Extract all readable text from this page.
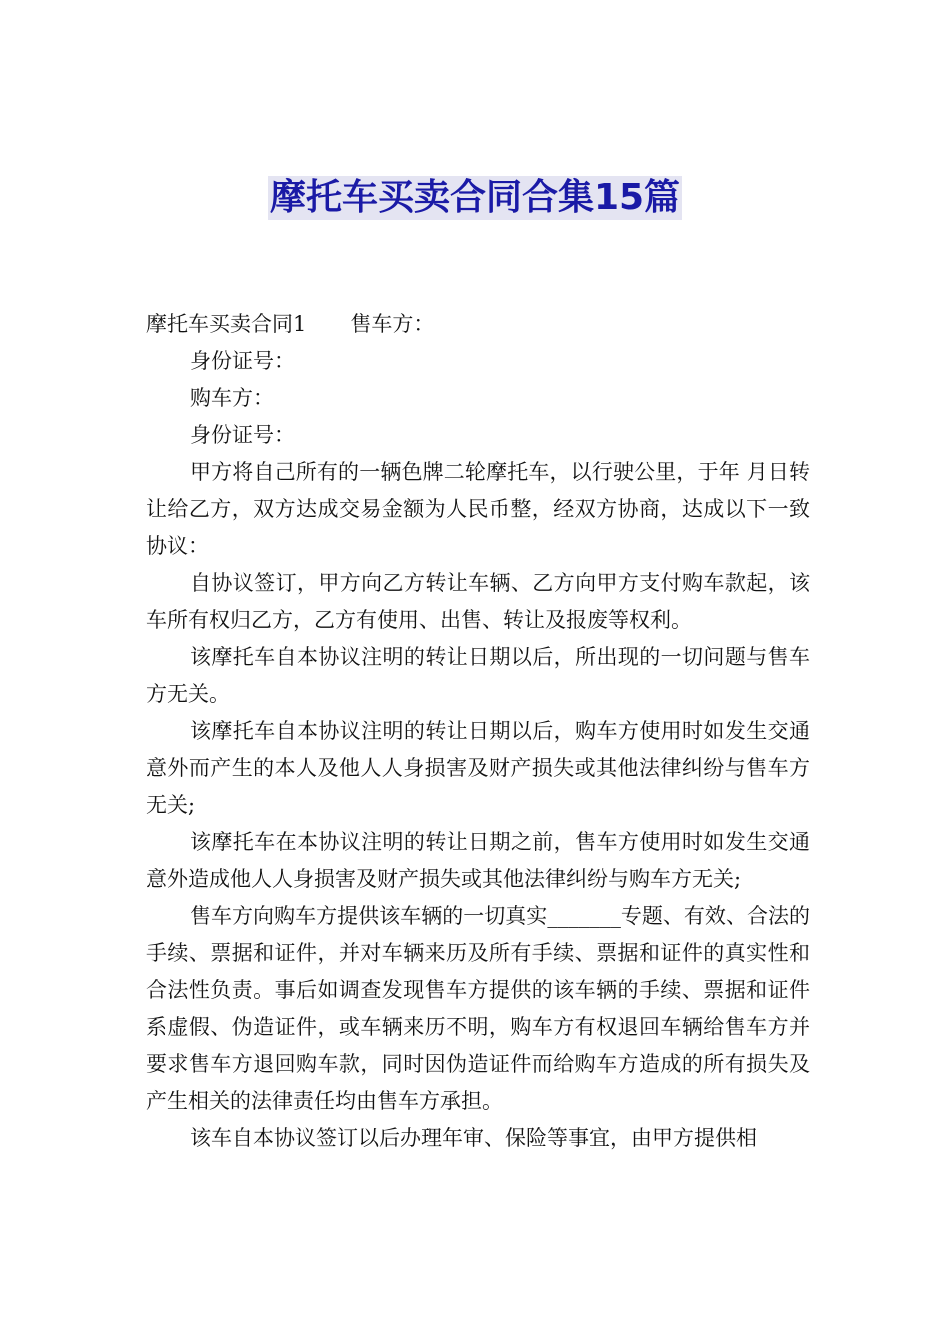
摩托车买卖合同合集15篇

摩托车买卖合同1 售车方：

身份证号：

购车方：

身份证号：

甲方将自己所有的一辆色牌二轮摩托车，以行驶公里，于年 月日转让给乙方，双方达成交易金额为人民币整，经双方协商，达成以下一致协议：

自协议签订，甲方向乙方转让车辆、乙方向甲方支付购车款起，该车所有权归乙方，乙方有使用、出售、转让及报废等权利。

该摩托车自本协议注明的转让日期以后，所出现的一切问题与售车方无关。

该摩托车自本协议注明的转让日期以后，购车方使用时如发生交通意外而产生的本人及他人人身损害及财产损失或其他法律纠纷与售车方无关;

该摩托车在本协议注明的转让日期之前，售车方使用时如发生交通意外造成他人人身损害及财产损失或其他法律纠纷与购车方无关;

售车方向购车方提供该车辆的一切真实_______专题、有效、合法的手续、票据和证件，并对车辆来历及所有手续、票据和证件的真实性和合法性负责。事后如调查发现售车方提供的该车辆的手续、票据和证件系虚假、伪造证件，或车辆来历不明，购车方有权退回车辆给售车方并要求售车方退回购车款，同时因伪造证件而给购车方造成的所有损失及产生相关的法律责任均由售车方承担。

该车自本协议签订以后办理年审、保险等事宜，由甲方提供相
